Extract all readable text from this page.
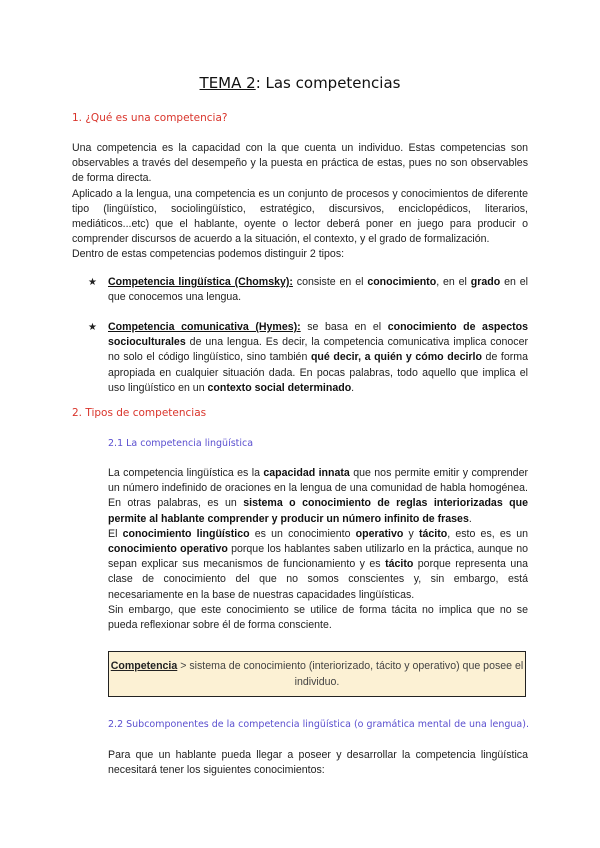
TEMA 2: Las competencias
1. ¿Qué es una competencia?

Una competencia es la capacidad con la que cuenta un individuo. Estas competencias son observables a través del desempeño y la puesta en práctica de estas, pues no son observables de forma directa.

Aplicado a la lengua, una competencia es un conjunto de procesos y conocimientos de diferente tipo (lingüístico, sociolingüístico, estratégico, discursivos, enciclopédicos, literarios, mediáticos...etc) que el hablante, oyente o lector deberá poner en juego para producir o comprender discursos de acuerdo a la situación, el contexto, y el grado de formalización.

Dentro de estas competencias podemos distinguir 2 tipos:

★ Competencia lingüística (Chomsky): consiste en el conocimiento, en el grado en el que conocemos una lengua.
★ Competencia comunicativa (Hymes): se basa en el conocimiento de aspectos socioculturales de una lengua. Es decir, la competencia comunicativa implica conocer no solo el código lingüístico, sino también qué decir, a quién y cómo decirlo de forma apropiada en cualquier situación dada. En pocas palabras, todo aquello que implica el uso lingüístico en un contexto social determinado.
2. Tipos de competencias
2.1 La competencia lingüística

La competencia lingüística es la capacidad innata que nos permite emitir y comprender un número indefinido de oraciones en la lengua de una comunidad de habla homogénea. En otras palabras, es un sistema o conocimiento de reglas interiorizadas que permite al hablante comprender y producir un número infinito de frases.

El conocimiento lingüístico es un conocimiento operativo y tácito, esto es, es un conocimiento operativo porque los hablantes saben utilizarlo en la práctica, aunque no sepan explicar sus mecanismos de funcionamiento y es tácito porque representa una clase de conocimiento del que no somos conscientes y, sin embargo, está necesariamente en la base de nuestras capacidades lingüísticas.

Sin embargo, que este conocimiento se utilice de forma tácita no implica que no se pueda reflexionar sobre él de forma consciente.

Competencia > sistema de conocimiento (interiorizado, tácito y operativo) que posee el individuo.
2.2 Subcomponentes de la competencia lingüística (o gramática mental de una lengua).

Para que un hablante pueda llegar a poseer y desarrollar la competencia lingüística necesitará tener los siguientes conocimientos:
